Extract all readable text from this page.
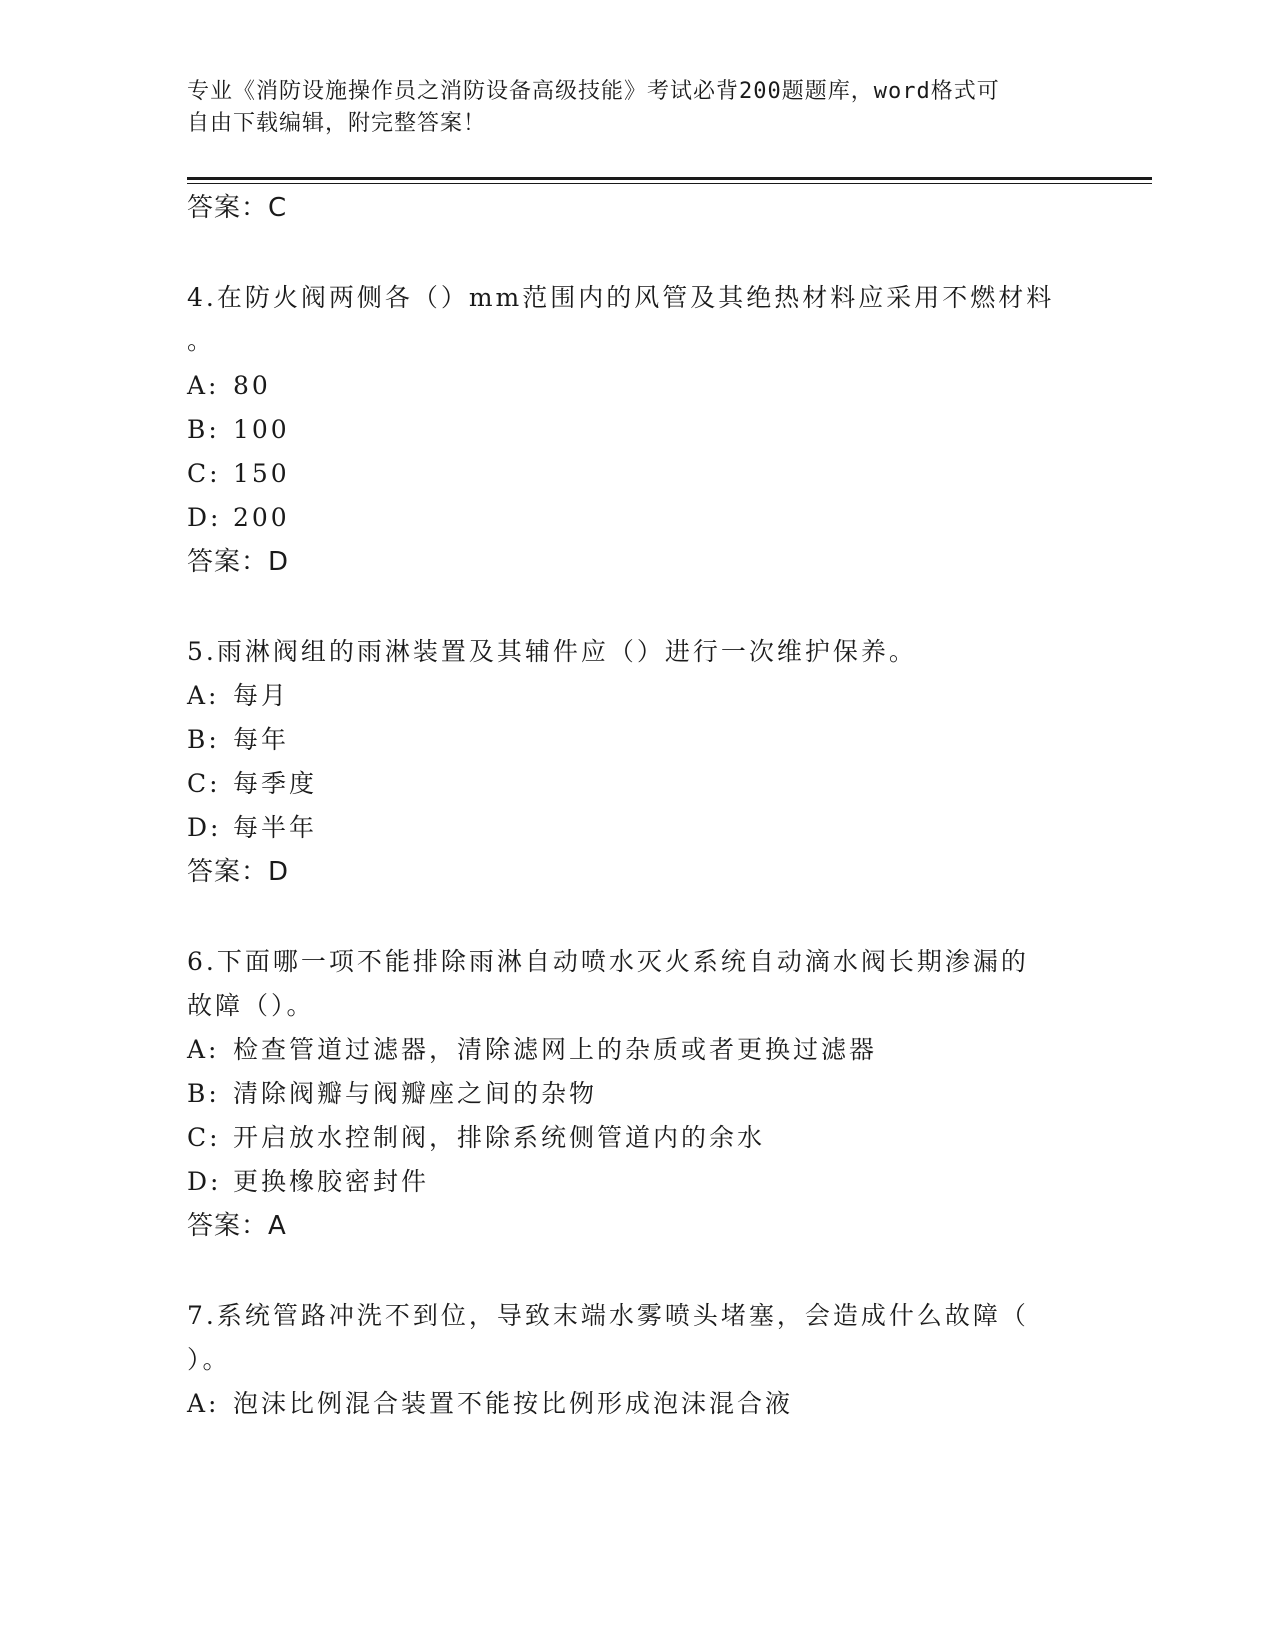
专业《消防设施操作员之消防设备高级技能》考试必背200题题库，word格式可
自由下载编辑，附完整答案！
答案：C
4.在防火阀两侧各（）mm范围内的风管及其绝热材料应采用不燃材料
。
A: 80
B: 100
C: 150
D: 200
答案：D
5.雨淋阀组的雨淋装置及其辅件应（）进行一次维护保养。
A: 每月
B: 每年
C: 每季度
D: 每半年
答案：D
6.下面哪一项不能排除雨淋自动喷水灭火系统自动滴水阀长期渗漏的
故障（）。
A: 检查管道过滤器，清除滤网上的杂质或者更换过滤器
B: 清除阀瓣与阀瓣座之间的杂物
C: 开启放水控制阀，排除系统侧管道内的余水
D: 更换橡胶密封件
答案：A
7.系统管路冲洗不到位，导致末端水雾喷头堵塞，会造成什么故障（
）。
A: 泡沫比例混合装置不能按比例形成泡沫混合液
